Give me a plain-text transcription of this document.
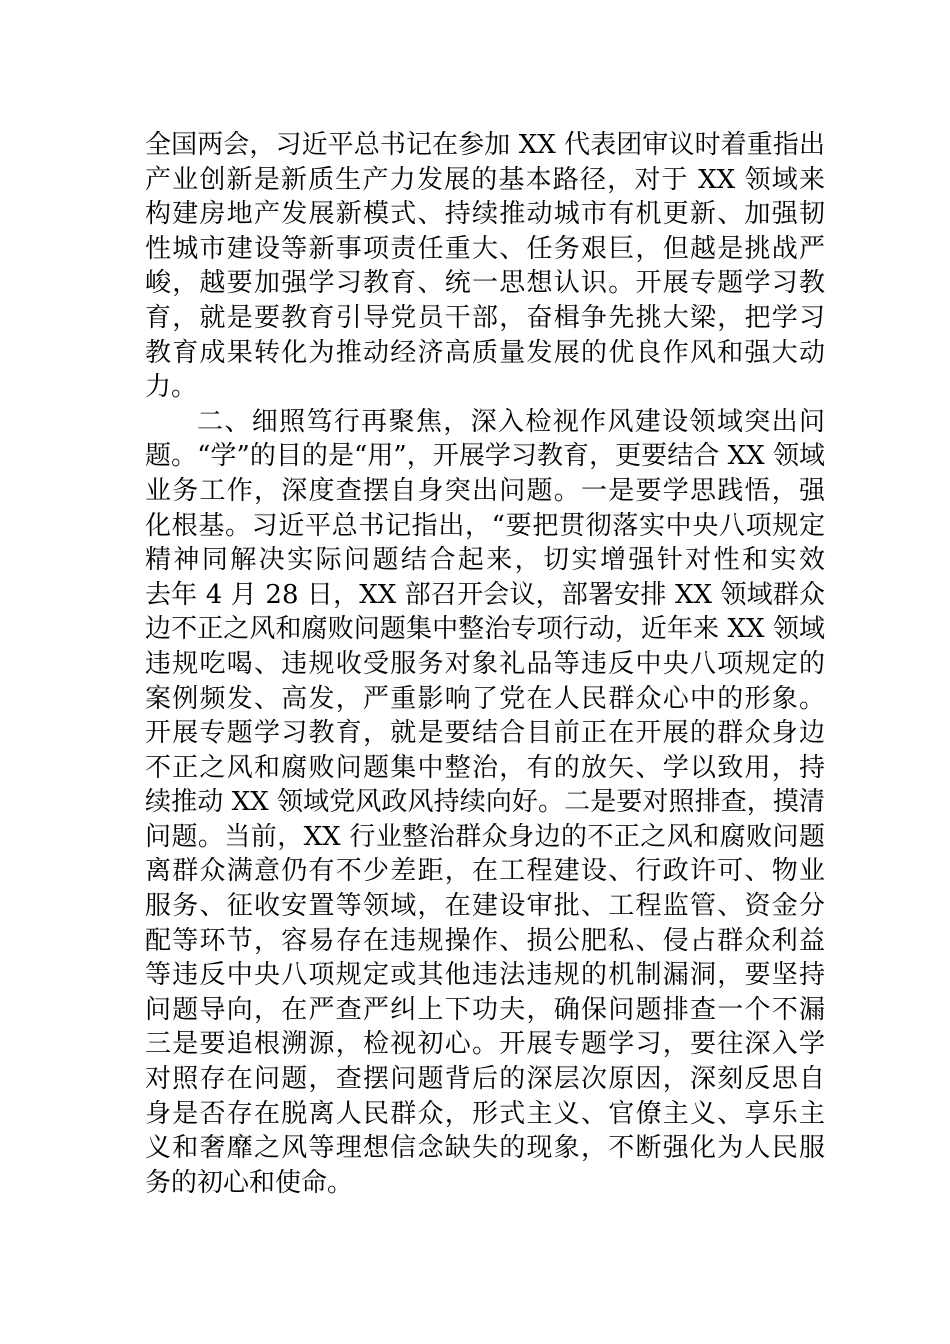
全国两会，习近平总书记在参加 XX 代表团审议时着重指出
产业创新是新质生产力发展的基本路径，对于 XX 领域来
构建房地产发展新模式、持续推动城市有机更新、加强韧
性城市建设等新事项责任重大、任务艰巨，但越是挑战严
峻，越要加强学习教育、统一思想认识。开展专题学习教
育，就是要教育引导党员干部，奋楫争先挑大梁，把学习
教育成果转化为推动经济高质量发展的优良作风和强大动
力。
二、细照笃行再聚焦，深入检视作风建设领域突出问
题。“学”的目的是“用”，开展学习教育，更要结合 XX 领域
业务工作，深度查摆自身突出问题。一是要学思践悟，强
化根基。习近平总书记指出，“要把贯彻落实中央八项规定
精神同解决实际问题结合起来，切实增强针对性和实效
去年 4 月 28 日，XX 部召开会议，部署安排 XX 领域群众
边不正之风和腐败问题集中整治专项行动，近年来 XX 领域
违规吃喝、违规收受服务对象礼品等违反中央八项规定的
案例频发、高发，严重影响了党在人民群众心中的形象。
开展专题学习教育，就是要结合目前正在开展的群众身边
不正之风和腐败问题集中整治，有的放矢、学以致用，持
续推动 XX 领域党风政风持续向好。二是要对照排查，摸清
问题。当前，XX 行业整治群众身边的不正之风和腐败问题
离群众满意仍有不少差距，在工程建设、行政许可、物业
服务、征收安置等领域，在建设审批、工程监管、资金分
配等环节，容易存在违规操作、损公肥私、侵占群众利益
等违反中央八项规定或其他违法违规的机制漏洞，要坚持
问题导向，在严查严纠上下功夫，确保问题排查一个不漏
三是要追根溯源，检视初心。开展专题学习，要往深入学
对照存在问题，查摆问题背后的深层次原因，深刻反思自
身是否存在脱离人民群众，形式主义、官僚主义、享乐主
义和奢靡之风等理想信念缺失的现象，不断强化为人民服
务的初心和使命。
